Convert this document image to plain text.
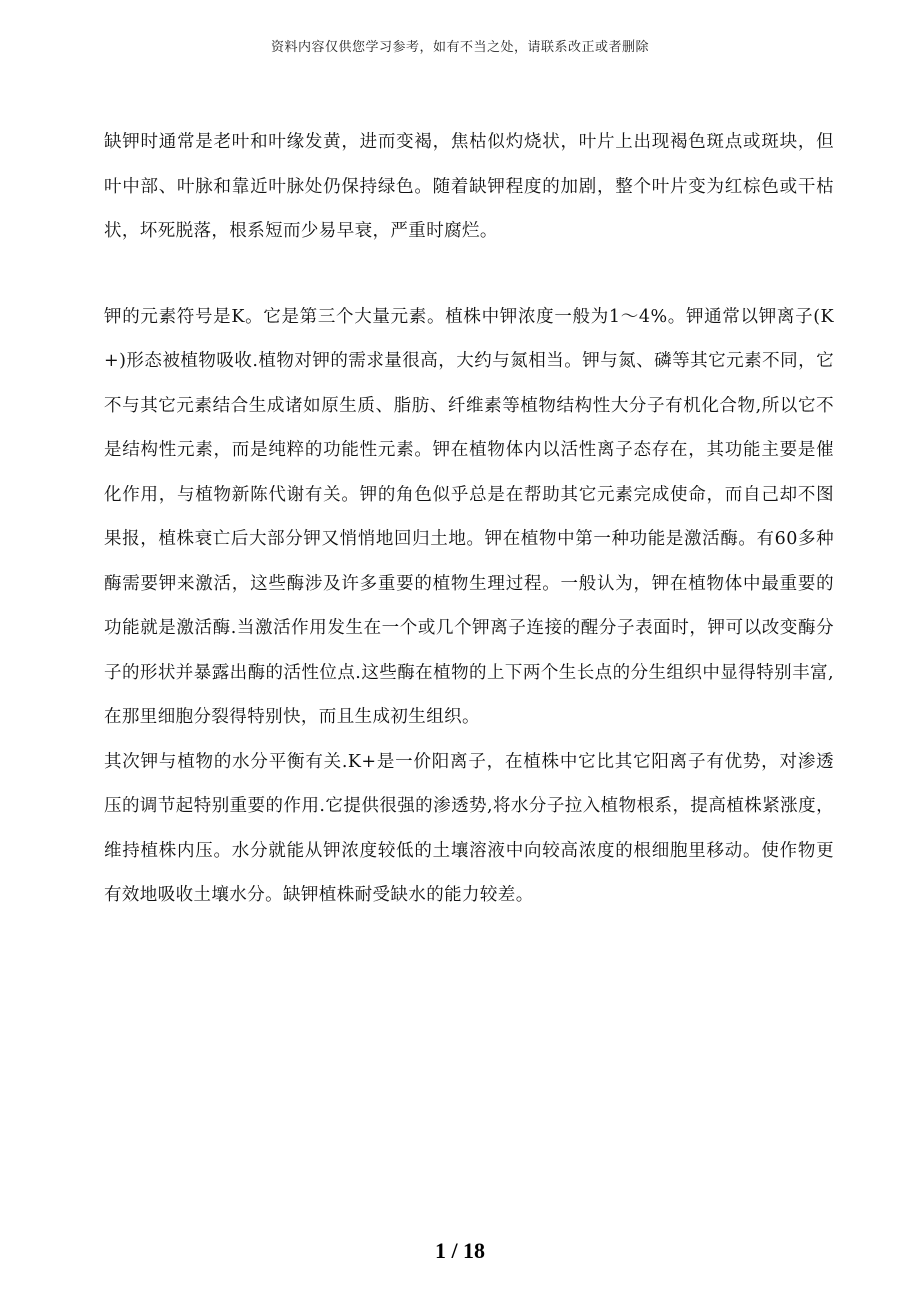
资料内容仅供您学习参考，如有不当之处，请联系改正或者删除

缺钾时通常是老叶和叶缘发黄，进而变褐，焦枯似灼烧状，叶片上出现褐色斑点或斑块，但叶中部、叶脉和靠近叶脉处仍保持绿色。随着缺钾程度的加剧，整个叶片变为红棕色或干枯状，坏死脱落，根系短而少易早衰，严重时腐烂。

钾的元素符号是K。它是第三个大量元素。植株中钾浓度一般为1～4%。钾通常以钾离子(K+)形态被植物吸收.植物对钾的需求量很高，大约与氮相当。钾与氮、磷等其它元素不同，它不与其它元素结合生成诸如原生质、脂肪、纤维素等植物结构性大分子有机化合物,所以它不是结构性元素，而是纯粹的功能性元素。钾在植物体内以活性离子态存在，其功能主要是催化作用，与植物新陈代谢有关。钾的角色似乎总是在帮助其它元素完成使命，而自己却不图果报，植株衰亡后大部分钾又悄悄地回归土地。钾在植物中第一种功能是激活酶。有60多种酶需要钾来激活，这些酶涉及许多重要的植物生理过程。一般认为，钾在植物体中最重要的功能就是激活酶.当激活作用发生在一个或几个钾离子连接的醒分子表面时，钾可以改变酶分子的形状并暴露出酶的活性位点.这些酶在植物的上下两个生长点的分生组织中显得特别丰富,在那里细胞分裂得特别快，而且生成初生组织。

其次钾与植物的水分平衡有关.K+是一价阳离子，在植株中它比其它阳离子有优势，对渗透压的调节起特别重要的作用.它提供很强的渗透势,将水分子拉入植物根系，提高植株紧涨度，维持植株内压。水分就能从钾浓度较低的土壤溶液中向较高浓度的根细胞里移动。使作物更有效地吸收土壤水分。缺钾植株耐受缺水的能力较差。

1 / 18
